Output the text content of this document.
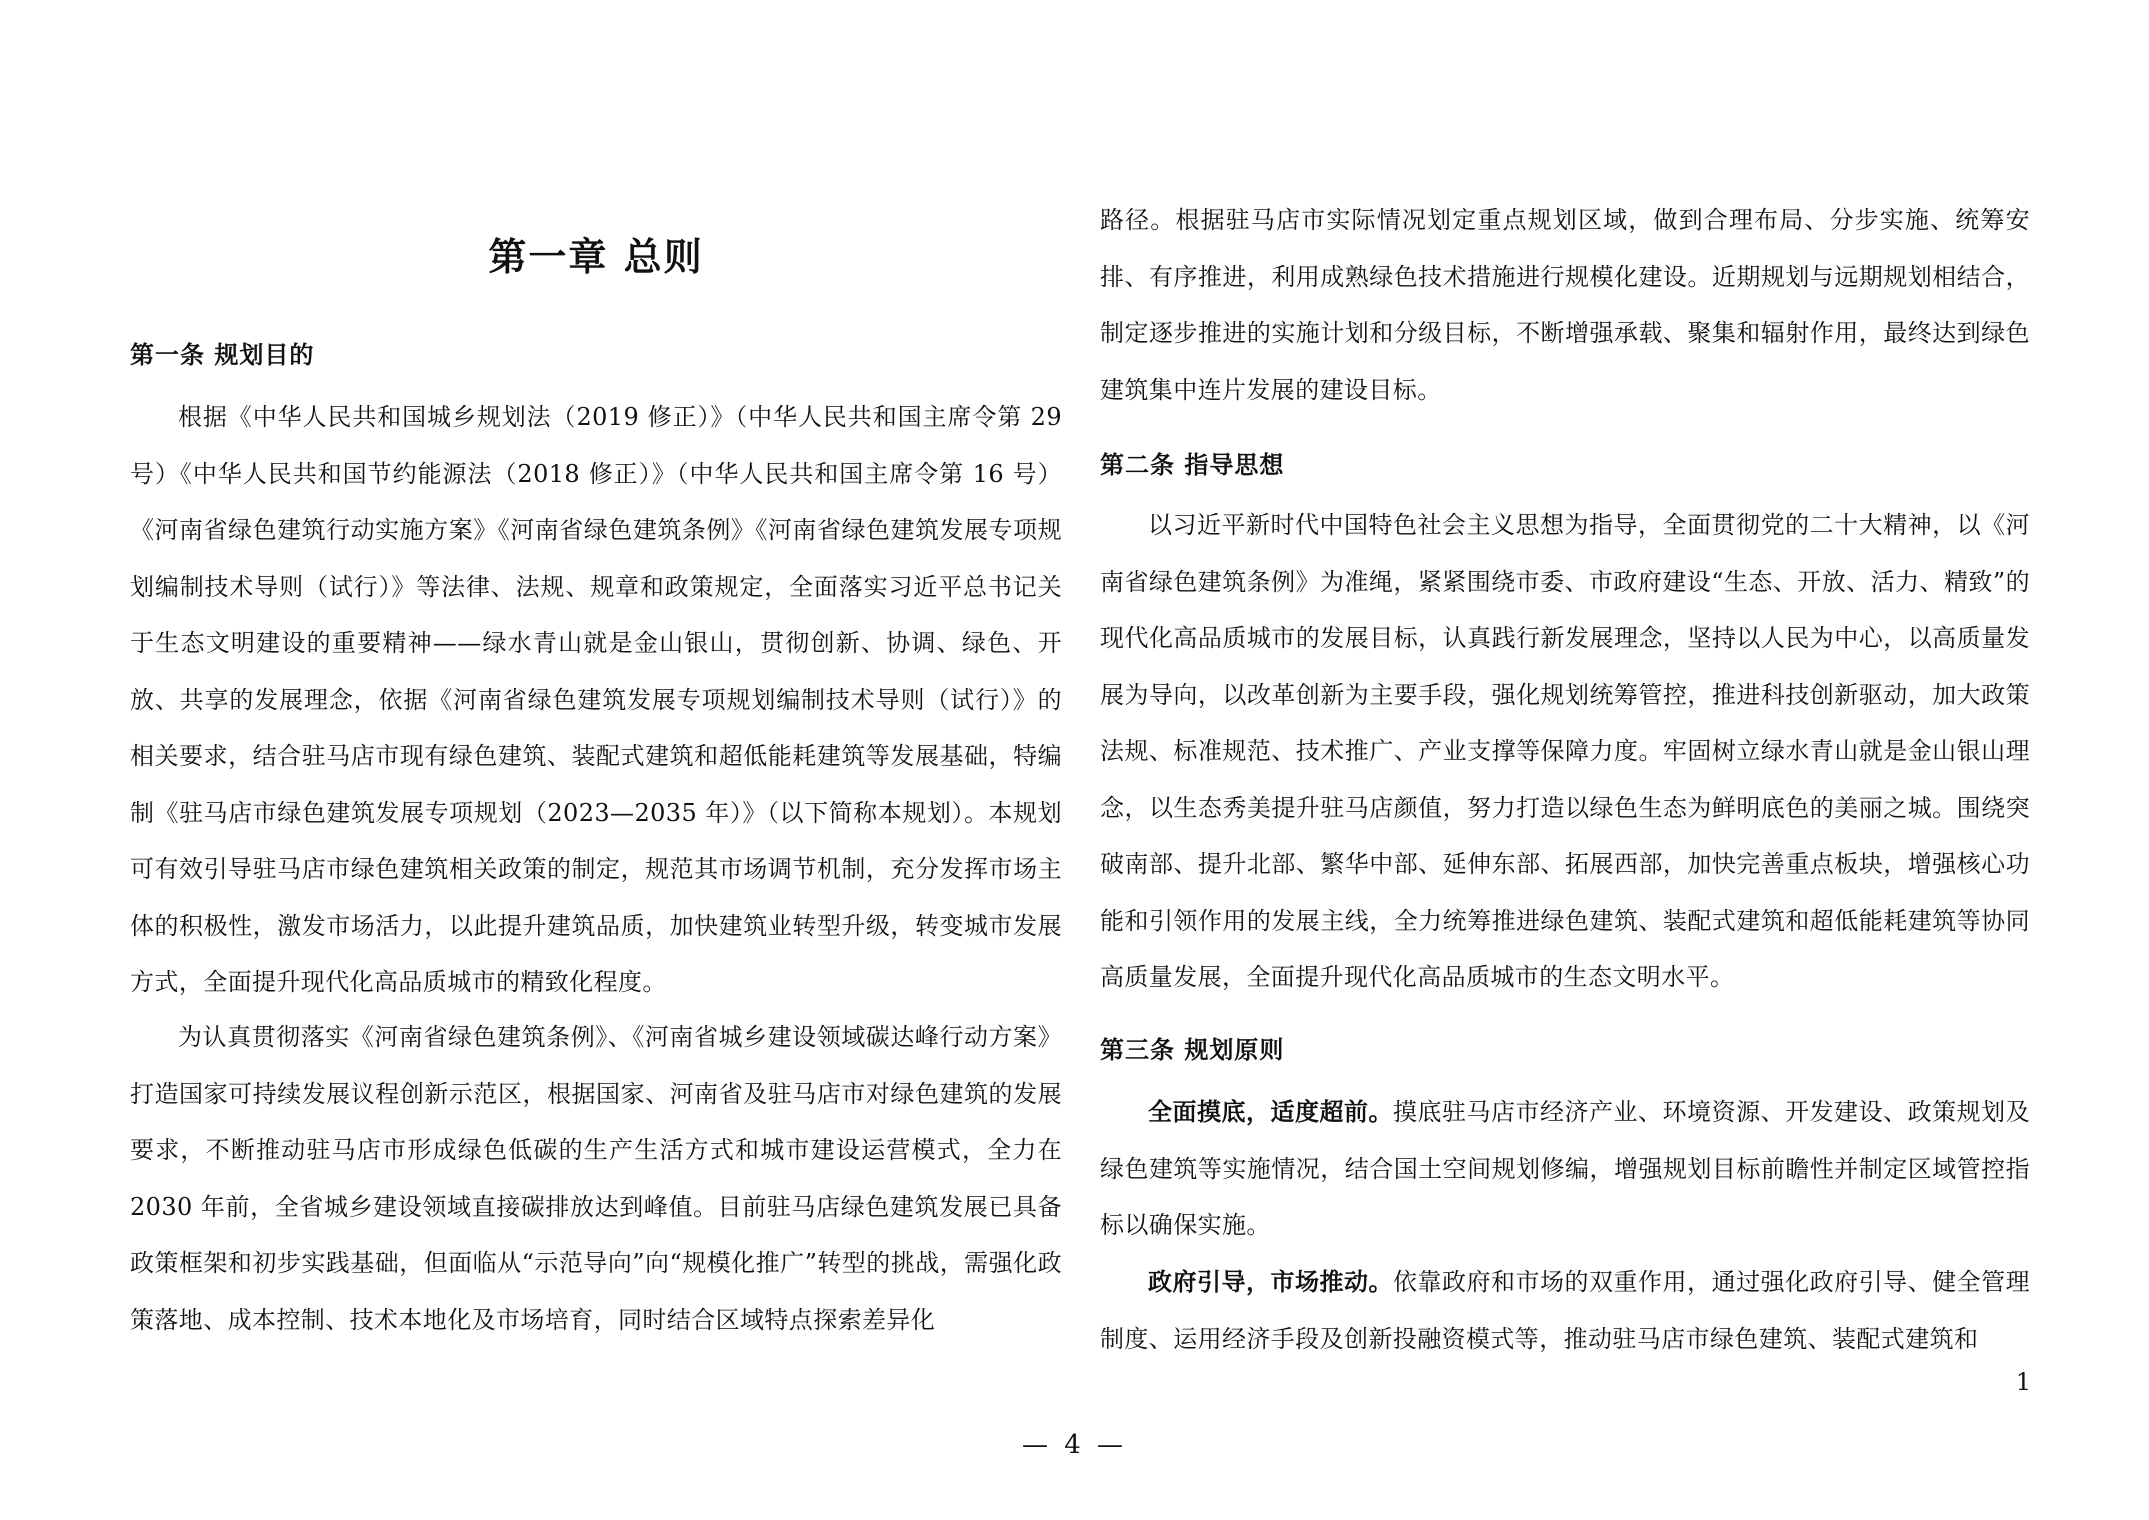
第一章 总则
第一条 规划目的

根据《中华人民共和国城乡规划法（2019 修正）》（中华人民共和国主席令第 29 号）《中华人民共和国节约能源法（2018 修正）》（中华人民共和国主席令第 16 号）《河南省绿色建筑行动实施方案》《河南省绿色建筑条例》《河南省绿色建筑发展专项规划编制技术导则（试行）》等法律、法规、规章和政策规定，全面落实习近平总书记关于生态文明建设的重要精神——绿水青山就是金山银山，贯彻创新、协调、绿色、开放、共享的发展理念，依据《河南省绿色建筑发展专项规划编制技术导则（试行）》的相关要求，结合驻马店市现有绿色建筑、装配式建筑和超低能耗建筑等发展基础，特编制《驻马店市绿色建筑发展专项规划（2023—2035 年）》（以下简称本规划）。本规划可有效引导驻马店市绿色建筑相关政策的制定，规范其市场调节机制，充分发挥市场主体的积极性，激发市场活力，以此提升建筑品质，加快建筑业转型升级，转变城市发展方式，全面提升现代化高品质城市的精致化程度。

为认真贯彻落实《河南省绿色建筑条例》、《河南省城乡建设领域碳达峰行动方案》打造国家可持续发展议程创新示范区，根据国家、河南省及驻马店市对绿色建筑的发展要求，不断推动驻马店市形成绿色低碳的生产生活方式和城市建设运营模式，全力在 2030 年前，全省城乡建设领域直接碳排放达到峰值。目前驻马店绿色建筑发展已具备政策框架和初步实践基础，但面临从“示范导向”向“规模化推广”转型的挑战，需强化政策落地、成本控制、技术本地化及市场培育，同时结合区域特点探索差异化

路径。根据驻马店市实际情况划定重点规划区域，做到合理布局、分步实施、统筹安排、有序推进，利用成熟绿色技术措施进行规模化建设。近期规划与远期规划相结合，制定逐步推进的实施计划和分级目标，不断增强承载、聚集和辐射作用，最终达到绿色建筑集中连片发展的建设目标。

第二条 指导思想

以习近平新时代中国特色社会主义思想为指导，全面贯彻党的二十大精神，以《河南省绿色建筑条例》为准绳，紧紧围绕市委、市政府建设“生态、开放、活力、精致”的现代化高品质城市的发展目标，认真践行新发展理念，坚持以人民为中心，以高质量发展为导向，以改革创新为主要手段，强化规划统筹管控，推进科技创新驱动，加大政策法规、标准规范、技术推广、产业支撑等保障力度。牢固树立绿水青山就是金山银山理念，以生态秀美提升驻马店颜值，努力打造以绿色生态为鲜明底色的美丽之城。围绕突破南部、提升北部、繁华中部、延伸东部、拓展西部，加快完善重点板块，增强核心功能和引领作用的发展主线，全力统筹推进绿色建筑、装配式建筑和超低能耗建筑等协同高质量发展，全面提升现代化高品质城市的生态文明水平。

第三条 规划原则

全面摸底，适度超前。摸底驻马店市经济产业、环境资源、开发建设、政策规划及绿色建筑等实施情况，结合国土空间规划修编，增强规划目标前瞻性并制定区域管控指标以确保实施。

政府引导，市场推动。依靠政府和市场的双重作用，通过强化政府引导、健全管理制度、运用经济手段及创新投融资模式等，推动驻马店市绿色建筑、装配式建筑和

1
— 4 —
